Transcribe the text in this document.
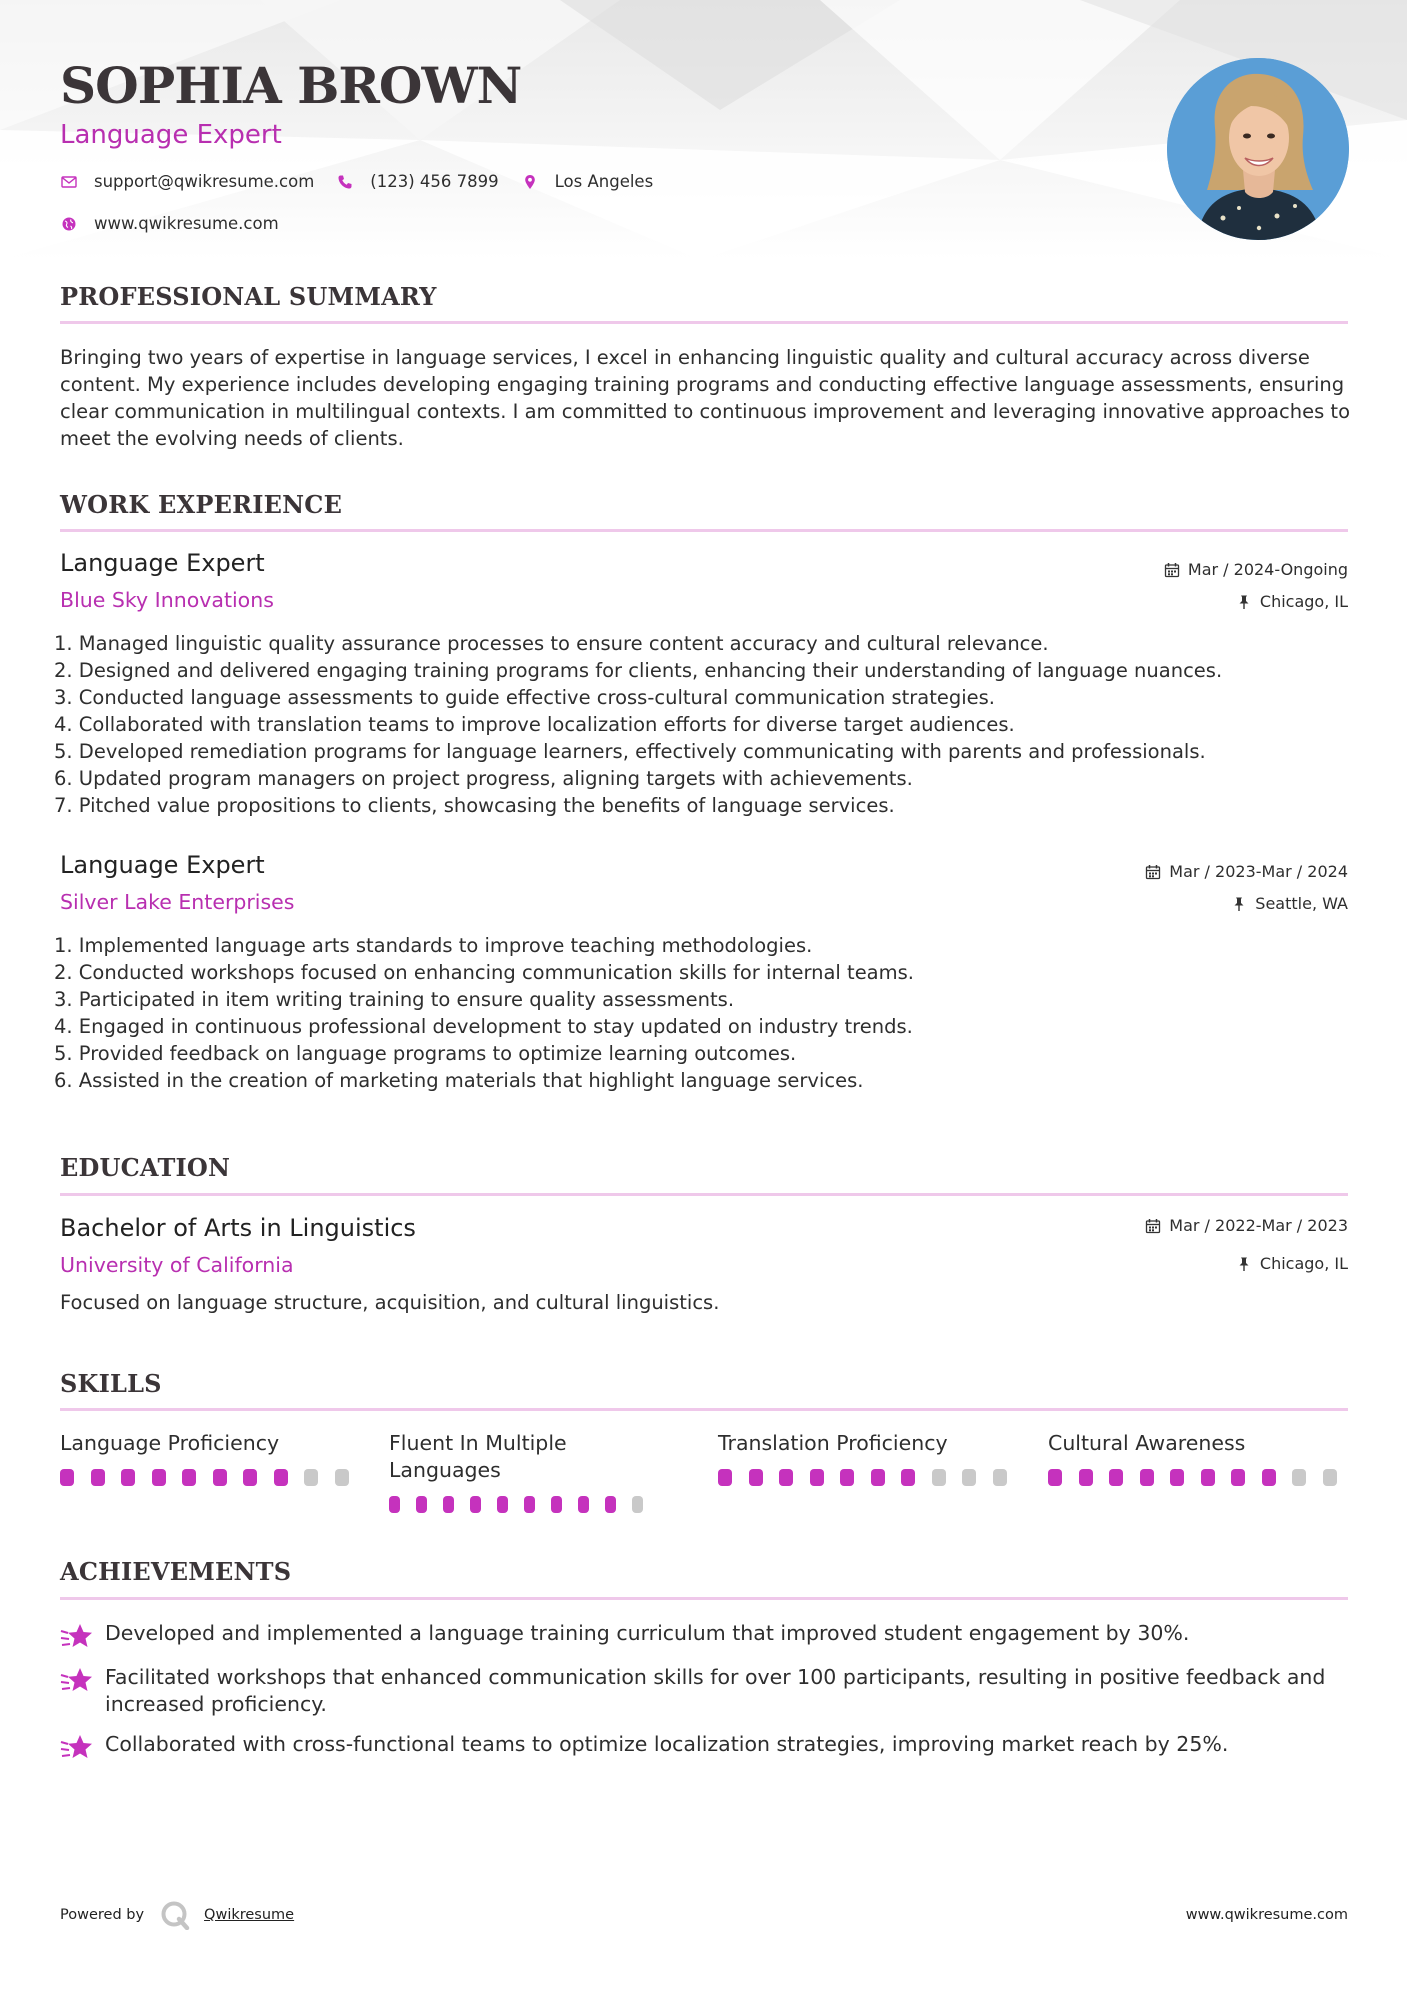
SOPHIA BROWN
Language Expert
support@qwikresume.com	(123) 456 7899	Los Angeles
www.qwikresume.com
PROFESSIONAL SUMMARY
Bringing two years of expertise in language services, I excel in enhancing linguistic quality and cultural accuracy across diverse content. My experience includes developing engaging training programs and conducting effective language assessments, ensuring clear communication in multilingual contexts. I am committed to continuous improvement and leveraging innovative approaches to meet the evolving needs of clients.
WORK EXPERIENCE
Language Expert
Blue Sky Innovations
Mar / 2024-Ongoing
Chicago, IL
1. Managed linguistic quality assurance processes to ensure content accuracy and cultural relevance.
2. Designed and delivered engaging training programs for clients, enhancing their understanding of language nuances.
3. Conducted language assessments to guide effective cross-cultural communication strategies.
4. Collaborated with translation teams to improve localization efforts for diverse target audiences.
5. Developed remediation programs for language learners, effectively communicating with parents and professionals.
6. Updated program managers on project progress, aligning targets with achievements.
7. Pitched value propositions to clients, showcasing the benefits of language services.
Language Expert
Silver Lake Enterprises
Mar / 2023-Mar / 2024
Seattle, WA
1. Implemented language arts standards to improve teaching methodologies.
2. Conducted workshops focused on enhancing communication skills for internal teams.
3. Participated in item writing training to ensure quality assessments.
4. Engaged in continuous professional development to stay updated on industry trends.
5. Provided feedback on language programs to optimize learning outcomes.
6. Assisted in the creation of marketing materials that highlight language services.
EDUCATION
Bachelor of Arts in Linguistics
University of California
Mar / 2022-Mar / 2023
Chicago, IL
Focused on language structure, acquisition, and cultural linguistics.
SKILLS
Language Proficiency	Fluent In Multiple Languages
Translation Proficiency	Cultural Awareness
ACHIEVEMENTS
Developed and implemented a language training curriculum that improved student engagement by 30%.
Facilitated workshops that enhanced communication skills for over 100 participants, resulting in positive feedback and increased proficiency.
Collaborated with cross-functional teams to optimize localization strategies, improving market reach by 25%.
Powered by	Qwikresume	www.qwikresume.com
